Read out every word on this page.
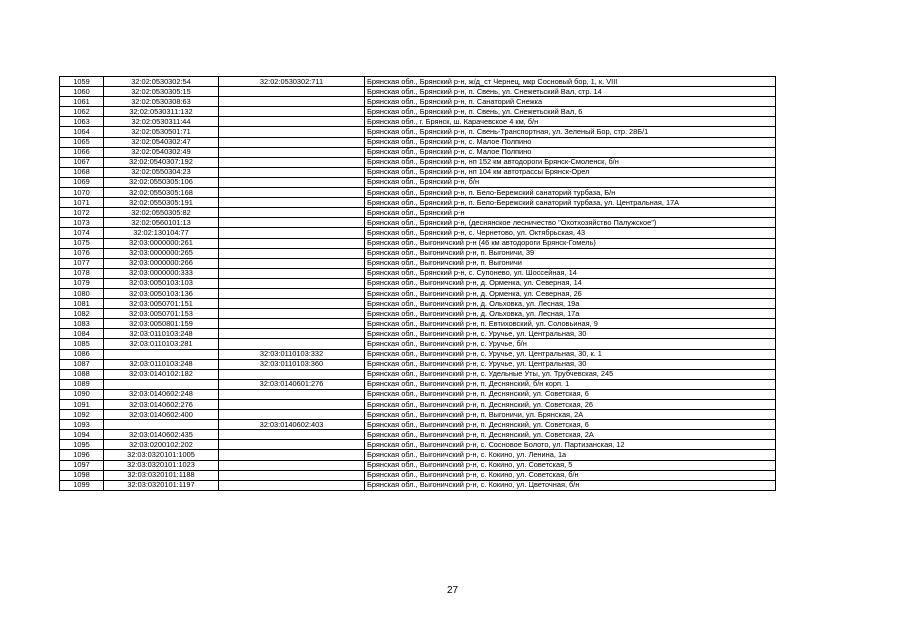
1059	32:02:0530302:54	32:02:0530302:711	Брянская обл., Брянский р-н, ж/д_ст Чернец, мкр Сосновый бор, 1, к. VIII
1060	32:02:0530305:15		Брянская обл., Брянский р-н, п. Свень, ул. Снежетьский Вал, стр. 14
1061	32:02:0530308:63		Брянская обл., Брянский р-н, п. Санаторий Снежка
1062	32:02:0530311:132		Брянская обл., Брянский р-н, п. Свень, ул. Снежетьский Вал, 6
1063	32:02:0530311:44		Брянская обл., г. Брянск, ш. Карачевское 4 км, б/н
1064	32:02:0530501:71		Брянская обл., Брянский р-н, п. Свень-Транспортная, ул. Зеленый Бор, стр. 28Б/1
1065	32:02:0540302:47		Брянская обл., Брянский р-н, с. Малое Полпино
1066	32:02:0540302:49		Брянская обл., Брянский р-н, с. Малое Полпино
1067	32:02:0540307:192		Брянская обл., Брянский р-н, нп 152 км автодороги Брянск-Смоленск, б/н
1068	32:02:0550304:23		Брянская обл., Брянский р-н, нп 104 км автотрассы Брянск-Орел
1069	32:02:0550305:106		Брянская обл., Брянский р-н, б/н
1070	32:02:0550305:168		Брянская обл., Брянский р-н, п. Бело-Бережский санаторий турбаза, Б/н
1071	32:02:0550305:191		Брянская обл., Брянский р-н, п. Бело-Бережский санаторий турбаза, ул. Центральная, 17А
1072	32:02:0550305:82		Брянская обл., Брянский р-н
1073	32:02:0560101:13		Брянская обл., Брянский р-н, (деснянское лесничество "Охотхозяйство Палужское")
1074	32:02:130104:77		Брянская обл., Брянский р-н, с. Чернетово, ул. Октябрьская, 43
1075	32:03:0000000:261		Брянская обл., Выгоничский р-н (46 км автодороги Брянск-Гомель)
1076	32:03:0000000:265		Брянская обл., Выгоничский р-н, п. Выгоничи, 39
1077	32:03:0000000:266		Брянская обл., Выгоничский р-н, п. Выгоничи
1078	32:03:0000000:333		Брянская обл., Брянский р-н, с. Супонево, ул. Шоссейная, 14
1079	32:03:0050103:103		Брянская обл., Выгоничский р-н, д. Орменка, ул. Северная, 14
1080	32:03:0050103:136		Брянская обл., Выгоничский р-н, д. Орменка, ул. Северная, 26
1081	32:03:0050701:151		Брянская обл., Выгоничский р-н, д. Ольховка, ул. Лесная, 19а
1082	32:03:0050701:153		Брянская обл., Выгоничский р-н, д. Ольховка, ул. Лесная, 17а
1083	32:03:0050801:159		Брянская обл., Выгоничский р-н, п. Евтиховский, ул. Соловьиная, 9
1084	32:03:0110103:248		Брянская обл., Выгоничский р-н, с. Уручье, ул. Центральная, 30
1085	32:03:0110103:281		Брянская обл., Выгоничский р-н, с. Уручье, б/н
1086		32:03:0110103:332	Брянская обл., Выгоничский р-н, с. Уручье, ул. Центральная, 30, к. 1
1087	32:03:0110103:248	32:03:0110103:360	Брянская обл., Выгоничский р-н, с. Уручье, ул. Центральная, 30
1088	32:03:0140102:182		Брянская обл., Выгоничский р-н, с. Удельные Уты, ул. Трубчевская, 245
1089		32:03:0140601:276	Брянская обл., Выгоничский р-н, п. Деснянский, б/н корп. 1
1090	32:03:0140602:248		Брянская обл., Выгоничский р-н, п. Деснянский, ул. Советская, 6
1091	32:03:0140602:276		Брянская обл., Выгоничский р-н, п. Деснянский, ул. Советская, 26
1092	32:03:0140602:400		Брянская обл., Выгоничский р-н, п. Выгоничи, ул. Брянская, 2А
1093		32:03:0140602:403	Брянская обл., Выгоничский р-н, п. Деснянский, ул. Советская, 6
1094	32:03:0140602:435		Брянская обл., Выгоничский р-н, п. Деснянский, ул. Советская, 2А
1095	32:03:0200102:202		Брянская обл., Выгоничский р-н, с. Сосновое Болото, ул. Партизанская, 12
1096	32:03:0320101:1005		Брянская обл., Выгоничский р-н, с. Кокино, ул. Ленина, 1а
1097	32:03:0320101:1023		Брянская обл., Выгоничский р-н, с. Кокино, ул. Советская, 5
1098	32:03:0320101:1188		Брянская обл., Выгоничский р-н, с. Кокино, ул. Советская, б/н
1099	32:03:0320101:1197		Брянская обл., Выгоничский р-н, с. Кокино, ул. Цветочная, б/н
27
